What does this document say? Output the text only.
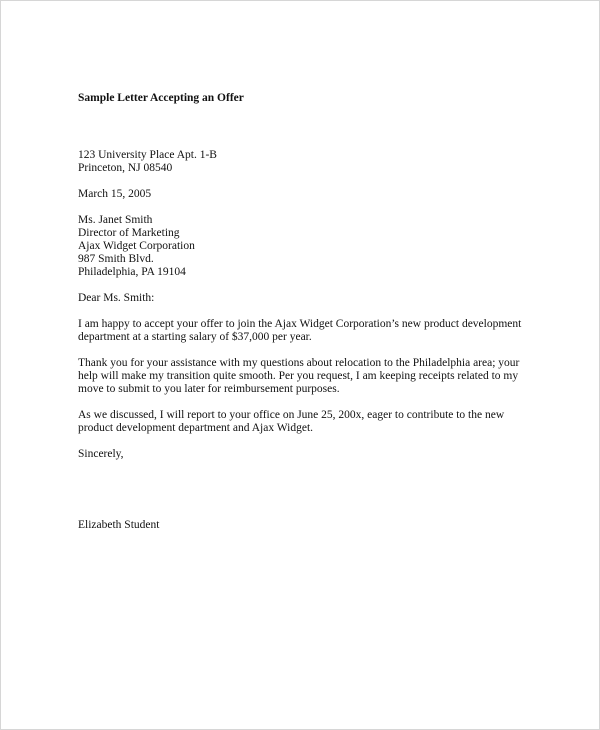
Sample Letter Accepting an Offer
123 University Place Apt. 1-B
Princeton, NJ 08540
March 15, 2005
Ms. Janet Smith
Director of Marketing
Ajax Widget Corporation
987 Smith Blvd.
Philadelphia, PA 19104
Dear Ms. Smith:
I am happy to accept your offer to join the Ajax Widget Corporation’s new product development
department at a starting salary of $37,000 per year.
Thank you for your assistance with my questions about relocation to the Philadelphia area; your
help will make my transition quite smooth. Per you request, I am keeping receipts related to my
move to submit to you later for reimbursement purposes.
As we discussed, I will report to your office on June 25, 200x, eager to contribute to the new
product development department and Ajax Widget.
Sincerely,
Elizabeth Student
